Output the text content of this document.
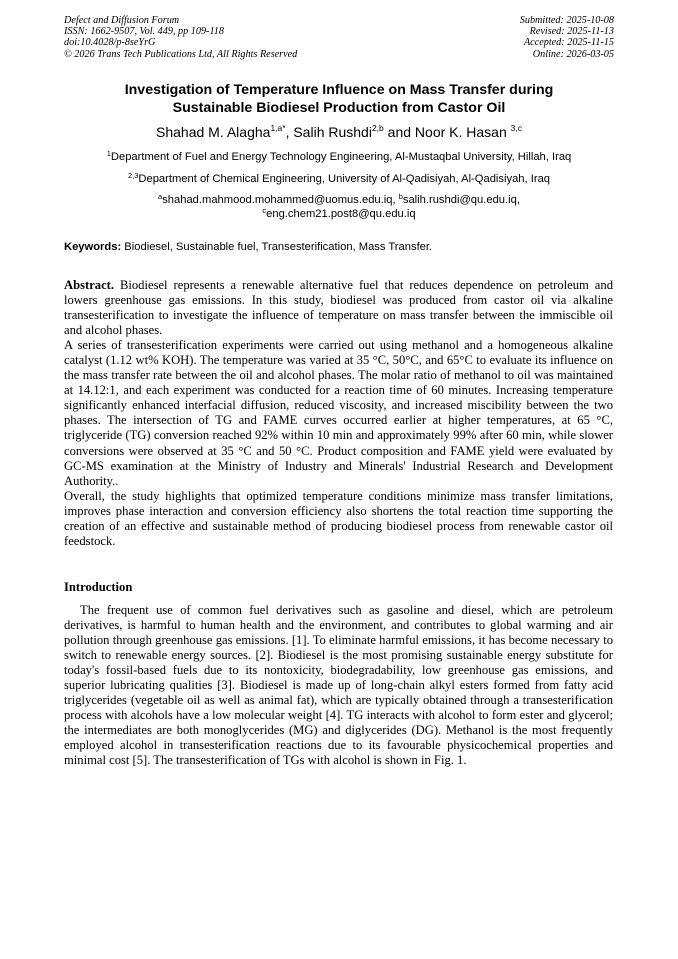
Defect and Diffusion Forum
ISSN: 1662-9507, Vol. 449, pp 109-118
doi:10.4028/p-8seYrG
© 2026 Trans Tech Publications Ltd, All Rights Reserved
Submitted: 2025-10-08
Revised: 2025-11-13
Accepted: 2025-11-15
Online: 2026-03-05
Investigation of Temperature Influence on Mass Transfer during
Sustainable Biodiesel Production from Castor Oil
Shahad M. Alagha$^{1,a*}$, Salih Rushdi$^{2,b}$ and Noor K. Hasan $^{3,c}$
$^1$Department of Fuel and Energy Technology Engineering, Al-Mustaqbal University, Hillah, Iraq
$^{2,3}$Department of Chemical Engineering, University of Al-Qadisiyah, Al-Qadisiyah, Iraq
$^a$shahad.mahmood.mohammed@uomus.edu.iq, $^b$salih.rushdi@qu.edu.iq,
$^c$eng.chem21.post8@qu.edu.iq
Keywords: Biodiesel, Sustainable fuel, Transesterification, Mass Transfer.

Abstract. Biodiesel represents a renewable alternative fuel that reduces dependence on petroleum and lowers greenhouse gas emissions. In this study, biodiesel was produced from castor oil via alkaline transesterification to investigate the influence of temperature on mass transfer between the immiscible oil and alcohol phases.

A series of transesterification experiments were carried out using methanol and a homogeneous alkaline catalyst (1.12 wt% KOH). The temperature was varied at 35 °C, 50°C, and 65°C to evaluate its influence on the mass transfer rate between the oil and alcohol phases. The molar ratio of methanol to oil was maintained at 14.12:1, and each experiment was conducted for a reaction time of 60 minutes. Increasing temperature significantly enhanced interfacial diffusion, reduced viscosity, and increased miscibility between the two phases. The intersection of TG and FAME curves occurred earlier at higher temperatures, at 65 °C, triglyceride (TG) conversion reached 92% within 10 min and approximately 99% after 60 min, while slower conversions were observed at 35 °C and 50 °C. Product composition and FAME yield were evaluated by GC-MS examination at the Ministry of Industry and Minerals' Industrial Research and Development Authority..

Overall, the study highlights that optimized temperature conditions minimize mass transfer limitations, improves phase interaction and conversion efficiency also shortens the total reaction time supporting the creation of an effective and sustainable method of producing biodiesel process from renewable castor oil feedstock.

Introduction

The frequent use of common fuel derivatives such as gasoline and diesel, which are petroleum derivatives, is harmful to human health and the environment, and contributes to global warming and air pollution through greenhouse gas emissions. [1]. To eliminate harmful emissions, it has become necessary to switch to renewable energy sources. [2]. Biodiesel is the most promising sustainable energy substitute for today's fossil-based fuels due to its nontoxicity, biodegradability, low greenhouse gas emissions, and superior lubricating qualities [3]. Biodiesel is made up of long-chain alkyl esters formed from fatty acid triglycerides (vegetable oil as well as animal fat), which are typically obtained through a transesterification process with alcohols have a low molecular weight [4]. TG interacts with alcohol to form ester and glycerol; the intermediates are both monoglycerides (MG) and diglycerides (DG). Methanol is the most frequently employed alcohol in transesterification reactions due to its favourable physicochemical properties and minimal cost [5]. The transesterification of TGs with alcohol is shown in Fig. 1.
